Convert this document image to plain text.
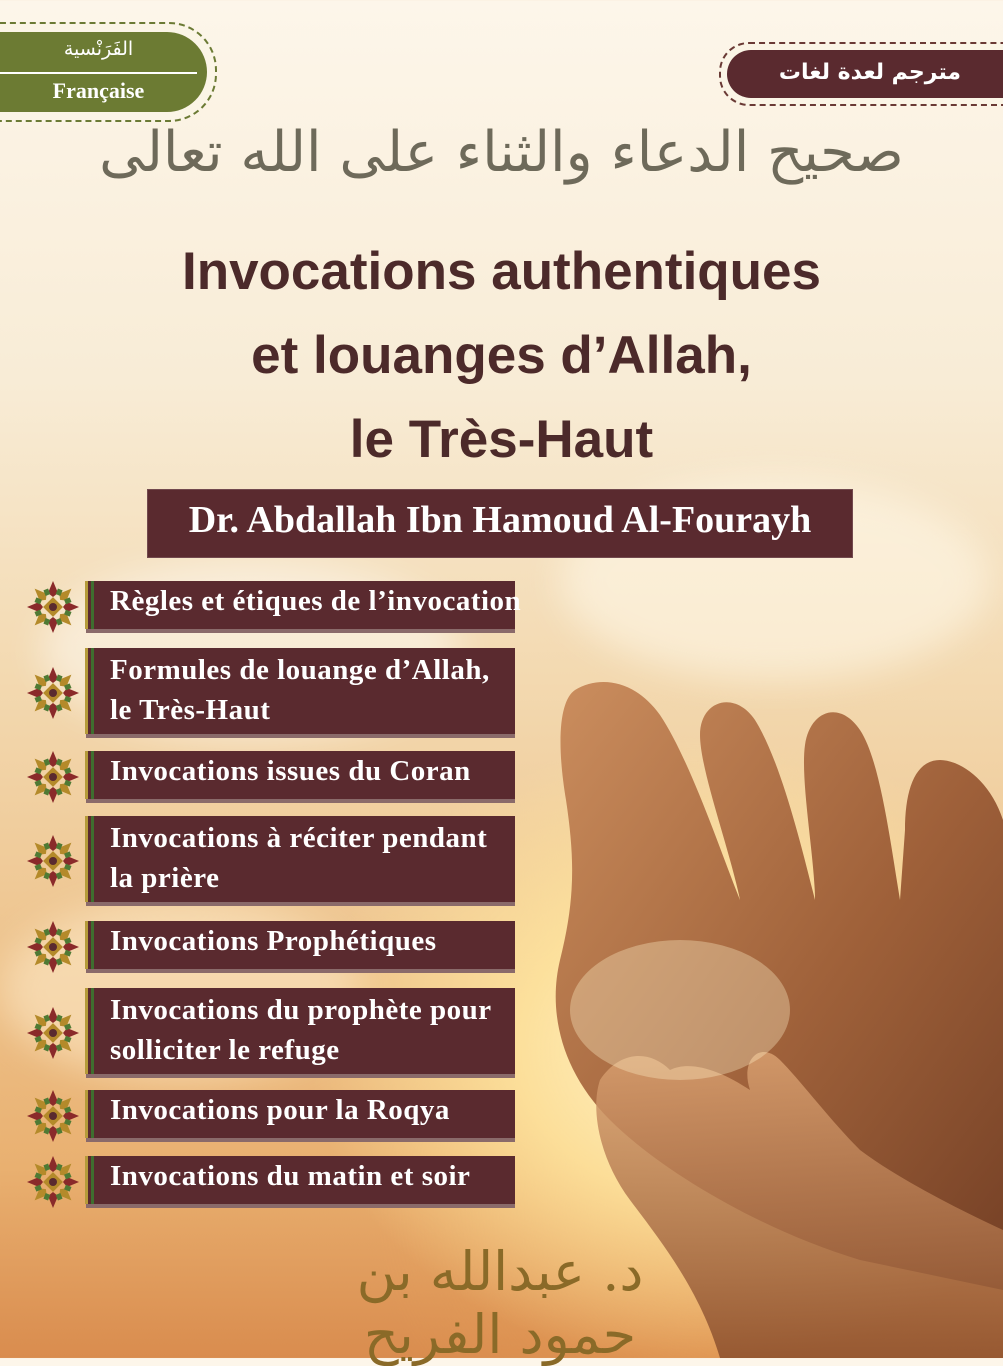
الفَرَنْسية
Française
مترجم لعدة لغات
صحيح الدعاء والثناء على الله تعالى
Invocations authentiques
et louanges d’Allah,
le Très-Haut
Dr. Abdallah Ibn Hamoud Al-Fourayh
Règles et étiques de l’invocation
Formules de louange d’Allah,
le Très-Haut
Invocations issues du Coran
Invocations à réciter pendant
la prière
Invocations Prophétiques
Invocations du prophète pour
solliciter le refuge
Invocations pour la Roqya
Invocations du matin et soir
د. عبدالله بن حمود الفريح
